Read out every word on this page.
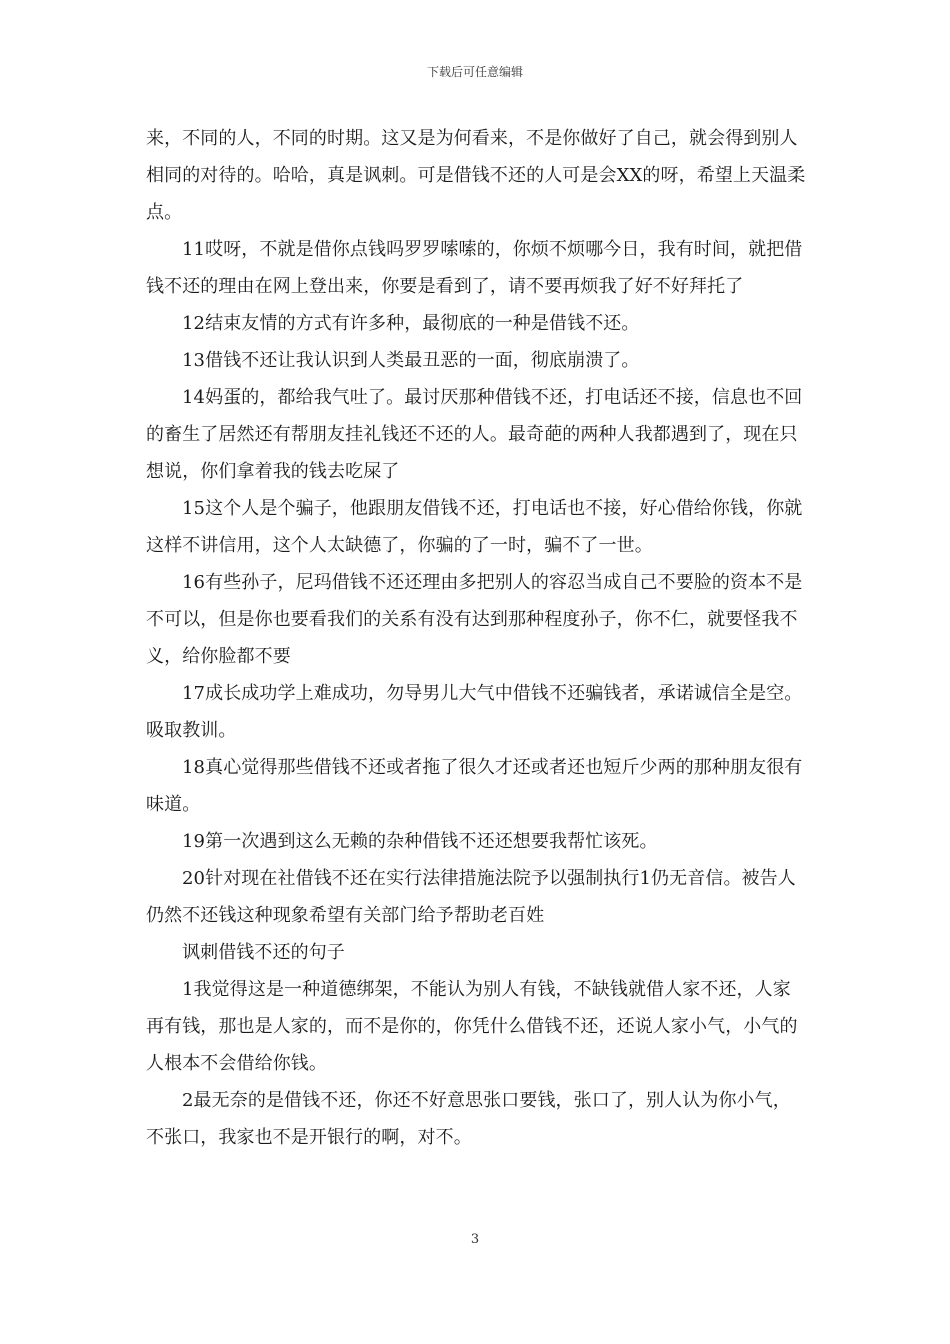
下载后可任意编辑

来，不同的人，不同的时期。这又是为何看来，不是你做好了自己，就会得到别人相同的对待的。哈哈，真是讽刺。可是借钱不还的人可是会XX的呀，希望上天温柔点。

11哎呀，不就是借你点钱吗罗罗嗦嗦的，你烦不烦哪今日，我有时间，就把借钱不还的理由在网上登出来，你要是看到了，请不要再烦我了好不好拜托了

12结束友情的方式有许多种，最彻底的一种是借钱不还。

13借钱不还让我认识到人类最丑恶的一面，彻底崩溃了。

14妈蛋的，都给我气吐了。最讨厌那种借钱不还，打电话还不接，信息也不回的畜生了居然还有帮朋友挂礼钱还不还的人。最奇葩的两种人我都遇到了，现在只想说，你们拿着我的钱去吃屎了

15这个人是个骗子，他跟朋友借钱不还，打电话也不接，好心借给你钱，你就这样不讲信用，这个人太缺德了，你骗的了一时，骗不了一世。

16有些孙子，尼玛借钱不还还理由多把别人的容忍当成自己不要脸的资本不是不可以，但是你也要看我们的关系有没有达到那种程度孙子，你不仁，就要怪我不义，给你脸都不要

17成长成功学上难成功，勿导男儿大气中借钱不还骗钱者，承诺诚信全是空。吸取教训。

18真心觉得那些借钱不还或者拖了很久才还或者还也短斤少两的那种朋友很有味道。

19第一次遇到这么无赖的杂种借钱不还还想要我帮忙该死。

20针对现在社借钱不还在实行法律措施法院予以强制执行1仍无音信。被告人仍然不还钱这种现象希望有关部门给予帮助老百姓

讽刺借钱不还的句子

1我觉得这是一种道德绑架，不能认为别人有钱，不缺钱就借人家不还，人家再有钱，那也是人家的，而不是你的，你凭什么借钱不还，还说人家小气，小气的人根本不会借给你钱。

2最无奈的是借钱不还，你还不好意思张口要钱，张口了，别人认为你小气，不张口，我家也不是开银行的啊，对不。

3
